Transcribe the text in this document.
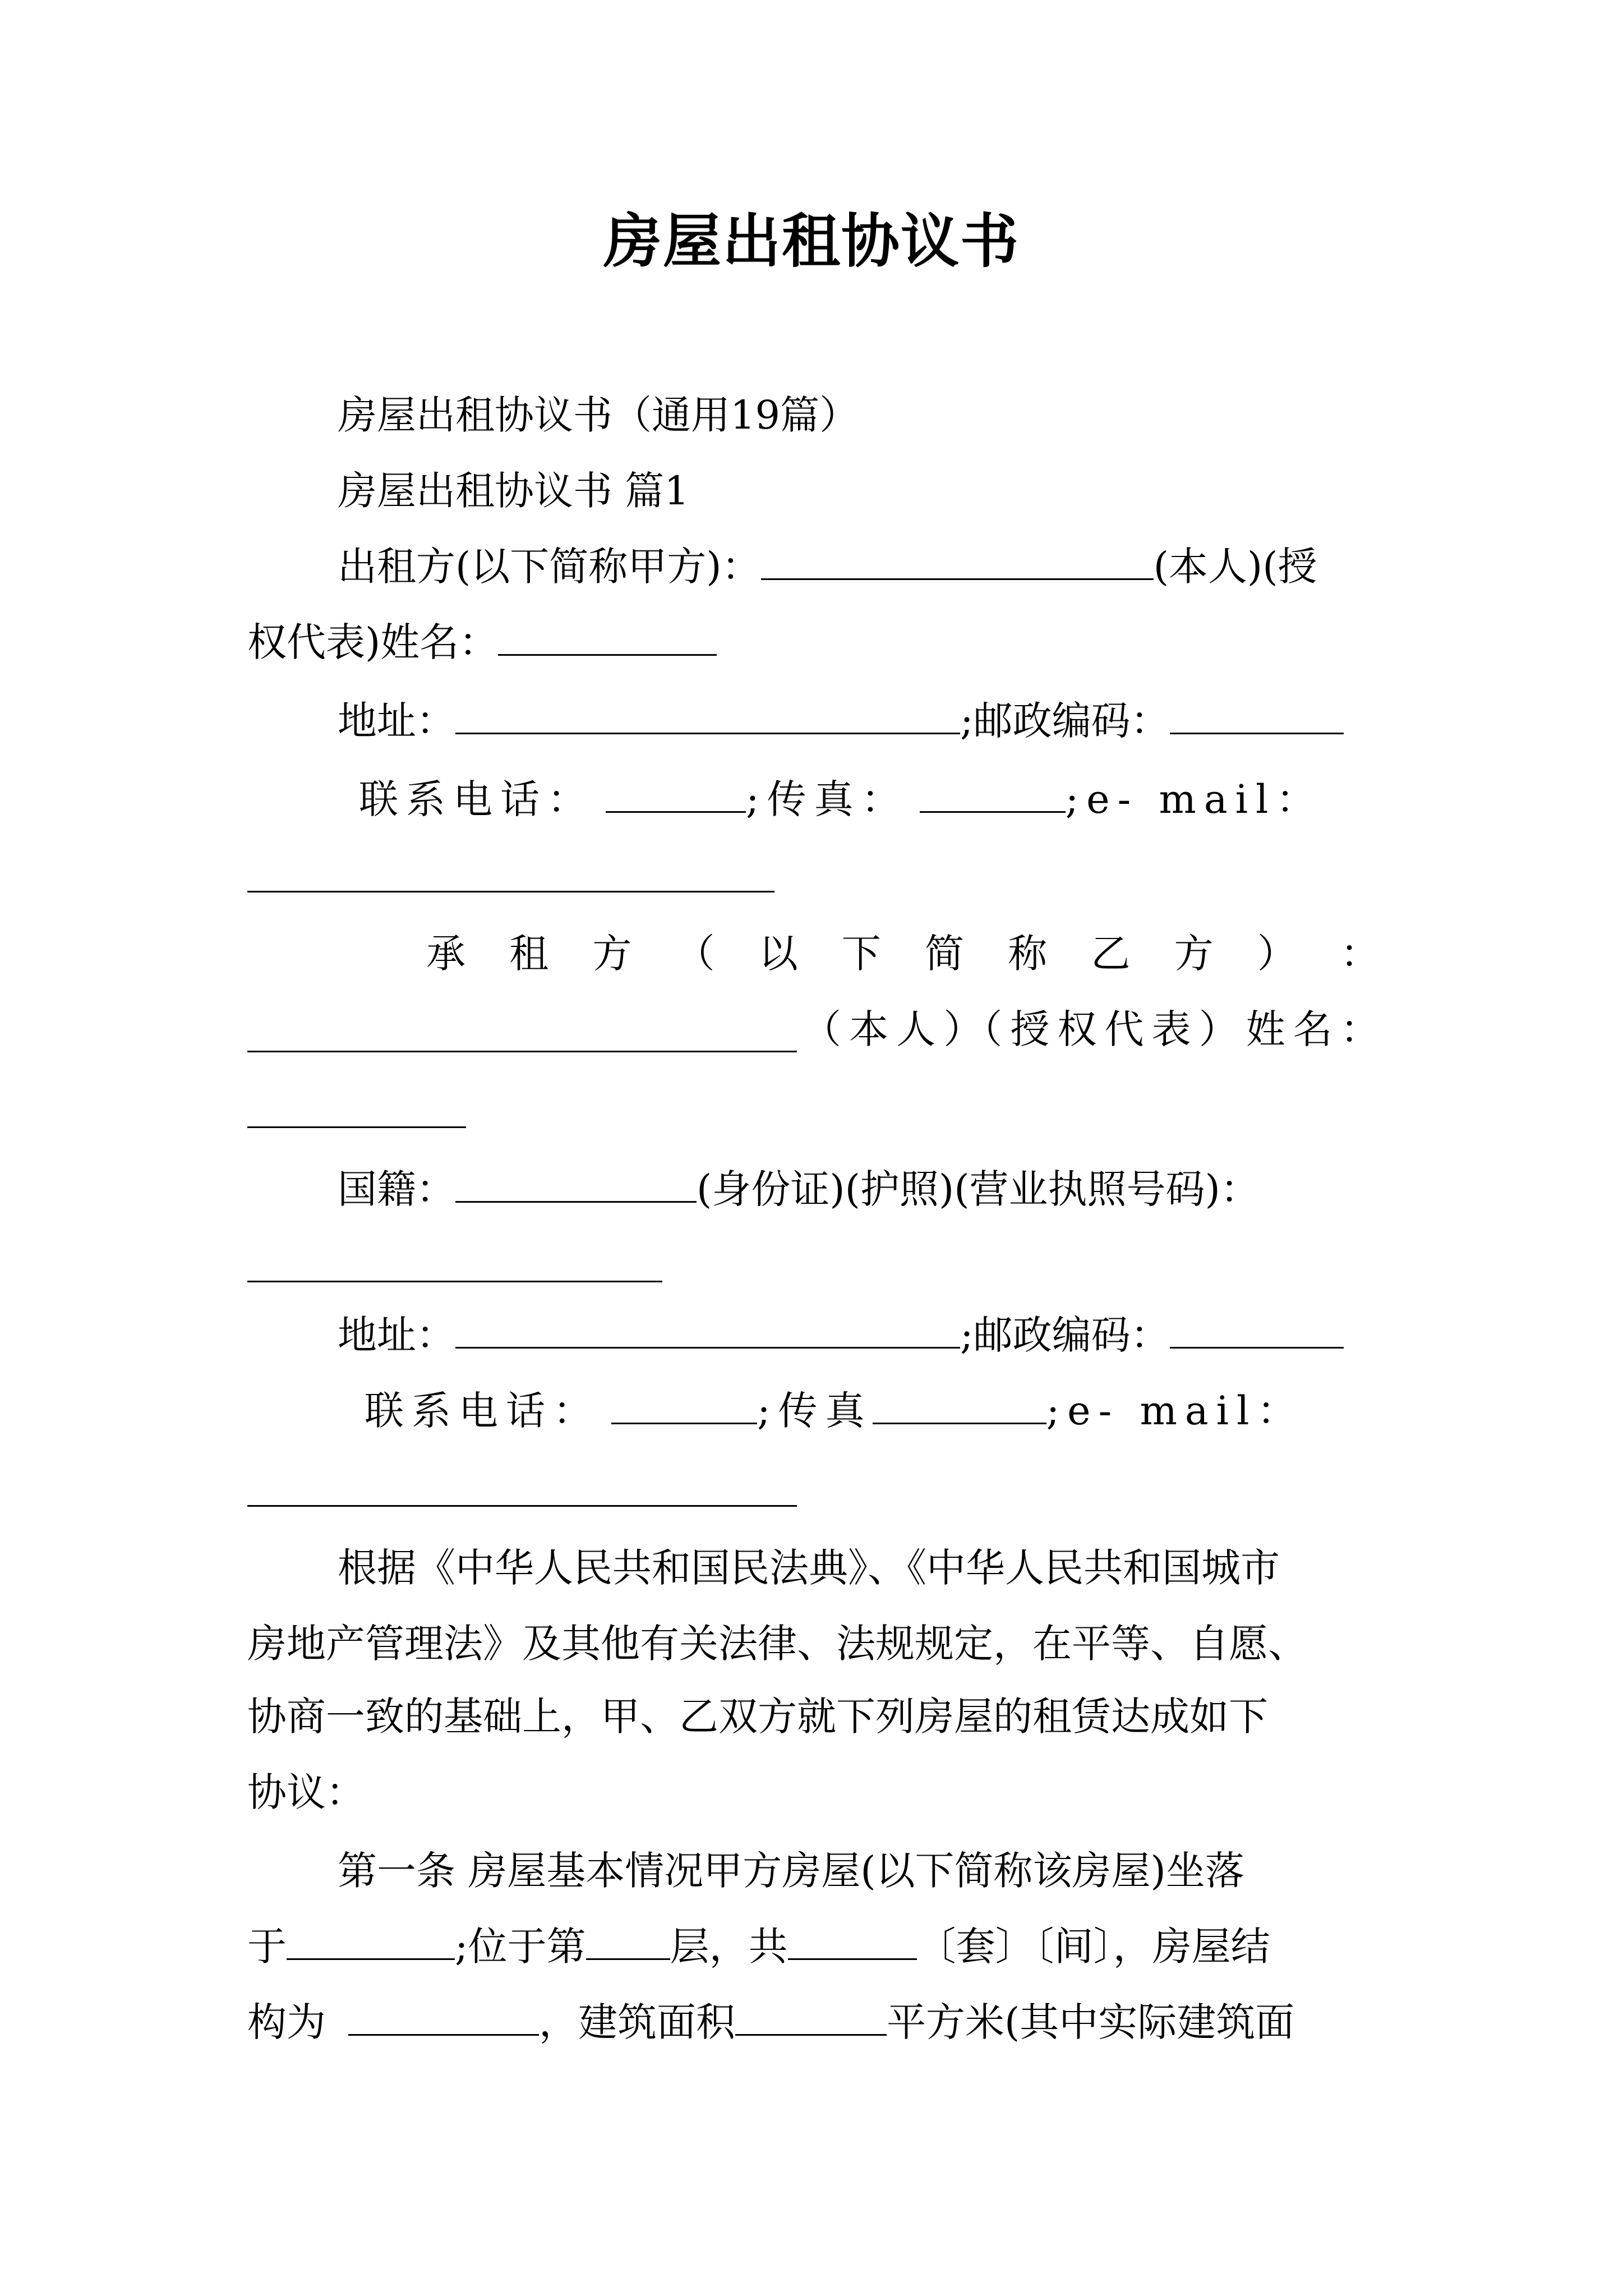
房屋出租协议书
房屋出租协议书（通用19篇）
房屋出租协议书 篇1
出租方(以下简称甲方)：	(本人)(授
权代表)姓名：
地址：	;邮政编码：
联系电话：	;传真：	;e- mail：
承 租 方 （ 以 下 简 称 乙 方 ） ：
（ 本 人 ）（ 授 权 代 表 ） 姓 名 ：
国籍：	(身份证)(护照)(营业执照号码)：
地址：	;邮政编码：
联系电话：	;传真	;e- mail：
根据《中华人民共和国民法典》、《中华人民共和国城市
房地产管理法》及其他有关法律、法规规定，在平等、自愿、
协商一致的基础上，甲、乙双方就下列房屋的租赁达成如下
协议：
第一条 房屋基本情况甲方房屋(以下简称该房屋)坐落
于	;位于第 层，共	〔套〕〔间〕，房屋结
构为	，建筑面积	平方米(其中实际建筑面
